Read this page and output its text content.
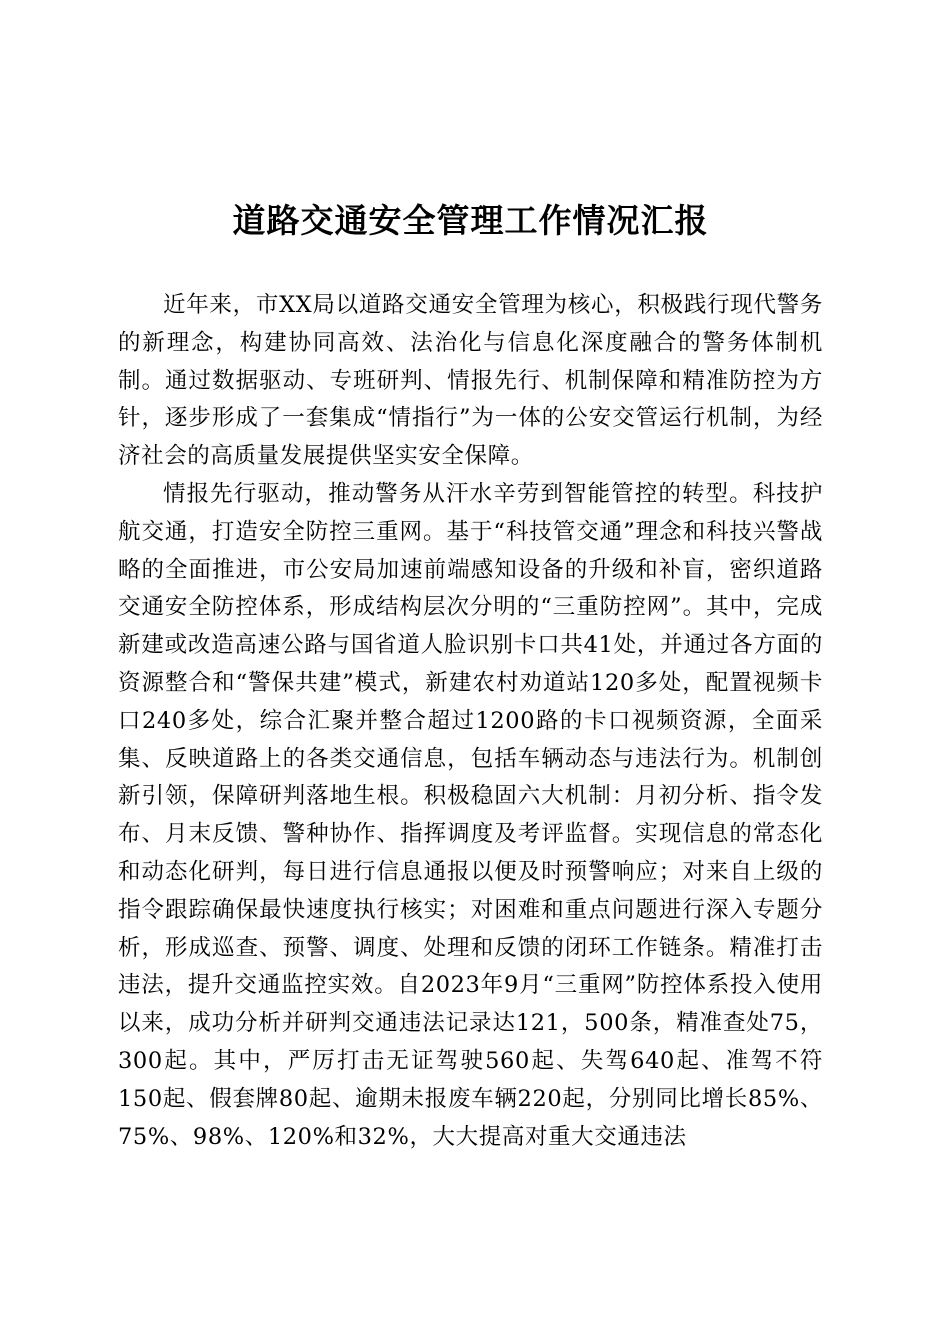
道路交通安全管理工作情况汇报

近年来，市XX局以道路交通安全管理为核心，积极践行现代警务的新理念，构建协同高效、法治化与信息化深度融合的警务体制机制。通过数据驱动、专班研判、情报先行、机制保障和精准防控为方针，逐步形成了一套集成“情指行”为一体的公安交管运行机制，为经济社会的高质量发展提供坚实安全保障。

情报先行驱动，推动警务从汗水辛劳到智能管控的转型。科技护航交通，打造安全防控三重网。基于“科技管交通”理念和科技兴警战略的全面推进，市公安局加速前端感知设备的升级和补盲，密织道路交通安全防控体系，形成结构层次分明的“三重防控网”。其中，完成新建或改造高速公路与国省道人脸识别卡口共41处，并通过各方面的资源整合和“警保共建”模式，新建农村劝道站120多处，配置视频卡口240多处，综合汇聚并整合超过1200路的卡口视频资源，全面采集、反映道路上的各类交通信息，包括车辆动态与违法行为。机制创新引领，保障研判落地生根。积极稳固六大机制：月初分析、指令发布、月末反馈、警种协作、指挥调度及考评监督。实现信息的常态化和动态化研判，每日进行信息通报以便及时预警响应；对来自上级的指令跟踪确保最快速度执行核实；对困难和重点问题进行深入专题分析，形成巡查、预警、调度、处理和反馈的闭环工作链条。精准打击违法，提升交通监控实效。自2023年9月“三重网”防控体系投入使用以来，成功分析并研判交通违法记录达121，500条，精准查处75，300起。其中，严厉打击无证驾驶560起、失驾640起、准驾不符150起、假套牌80起、逾期未报废车辆220起，分别同比增长85%、75%、98%、120%和32%，大大提高对重大交通违法
